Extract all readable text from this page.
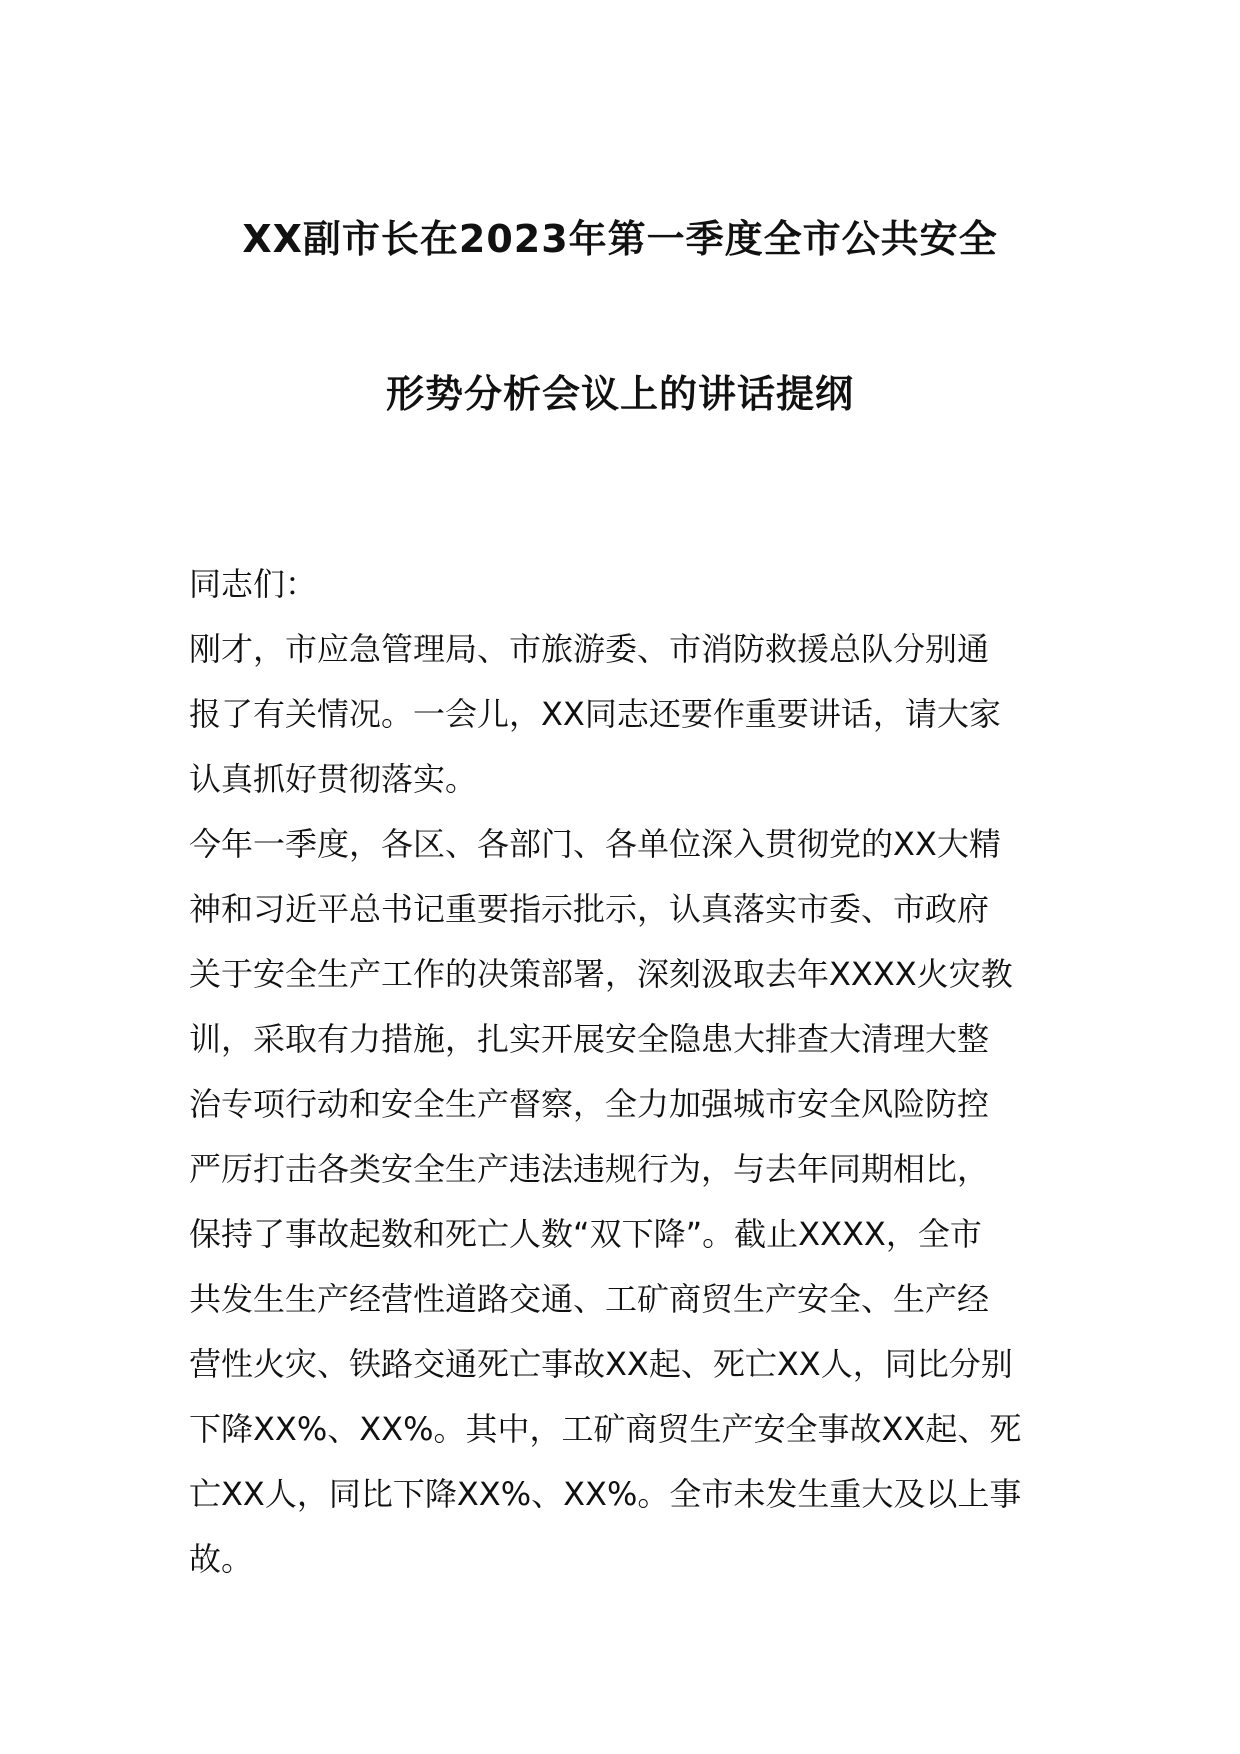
XX副市长在2023年第一季度全市公共安全
形势分析会议上的讲话提纲
同志们：
刚才，市应急管理局、市旅游委、市消防救援总队分别通
报了有关情况。一会儿，XX同志还要作重要讲话，请大家
认真抓好贯彻落实。
今年一季度，各区、各部门、各单位深入贯彻党的XX大精
神和习近平总书记重要指示批示，认真落实市委、市政府
关于安全生产工作的决策部署，深刻汲取去年XXXX火灾教
训，采取有力措施，扎实开展安全隐患大排查大清理大整
治专项行动和安全生产督察，全力加强城市安全风险防控
严厉打击各类安全生产违法违规行为，与去年同期相比，
保持了事故起数和死亡人数“双下降”。截止XXXX，全市
共发生生产经营性道路交通、工矿商贸生产安全、生产经
营性火灾、铁路交通死亡事故XX起、死亡XX人，同比分别
下降XX%、XX%。其中，工矿商贸生产安全事故XX起、死
亡XX人，同比下降XX%、XX%。全市未发生重大及以上事
故。
